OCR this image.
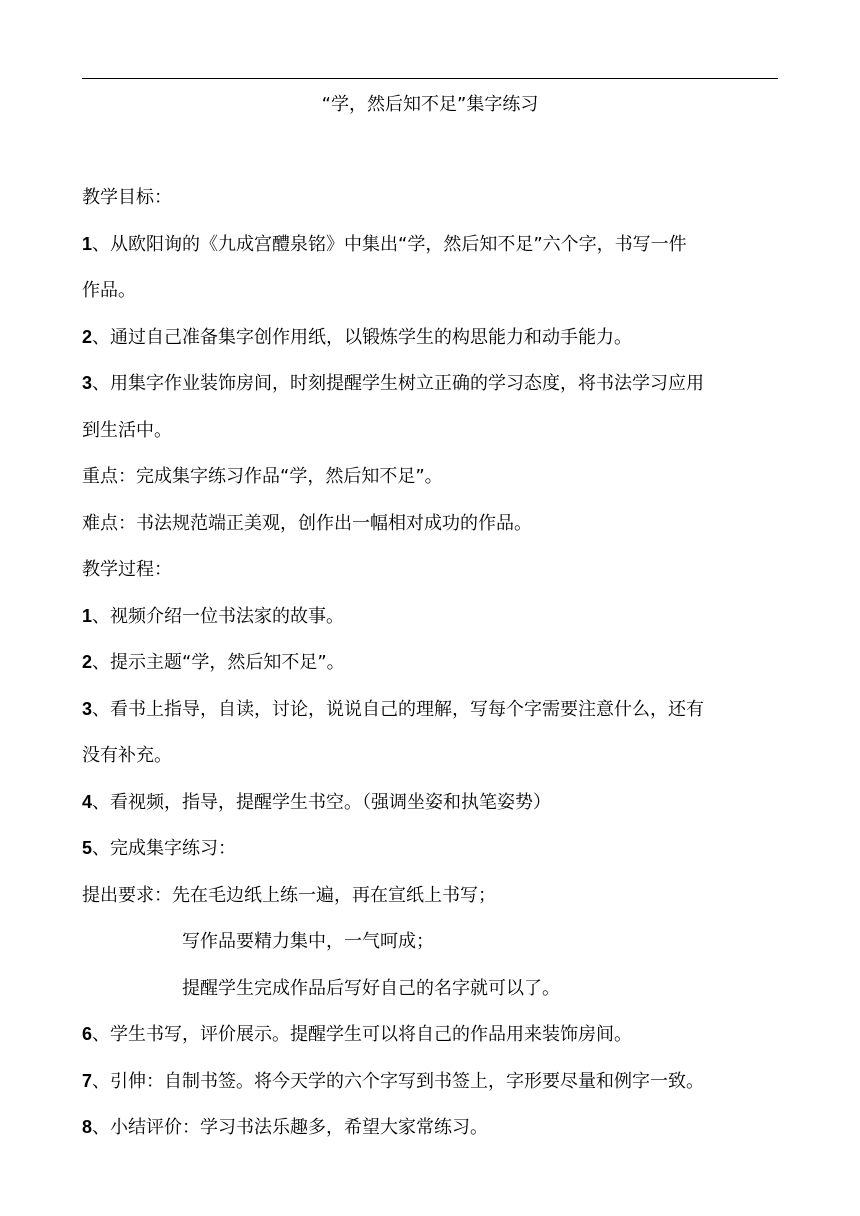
“学，然后知不足”集字练习
教学目标：
1、从欧阳询的《九成宫醴泉铭》中集出“学，然后知不足”六个字，书写一件
作品。
2、通过自己准备集字创作用纸，以锻炼学生的构思能力和动手能力。
3、用集字作业装饰房间，时刻提醒学生树立正确的学习态度，将书法学习应用
到生活中。
重点：完成集字练习作品“学，然后知不足”。
难点：书法规范端正美观，创作出一幅相对成功的作品。
教学过程：
1、视频介绍一位书法家的故事。
2、提示主题“学，然后知不足”。
3、看书上指导，自读，讨论，说说自己的理解，写每个字需要注意什么，还有
没有补充。
4、看视频，指导，提醒学生书空。（强调坐姿和执笔姿势）
5、完成集字练习：
提出要求：先在毛边纸上练一遍，再在宣纸上书写；
写作品要精力集中，一气呵成；
提醒学生完成作品后写好自己的名字就可以了。
6、学生书写，评价展示。提醒学生可以将自己的作品用来装饰房间。
7、引伸：自制书签。将今天学的六个字写到书签上，字形要尽量和例字一致。
8、小结评价：学习书法乐趣多，希望大家常练习。
